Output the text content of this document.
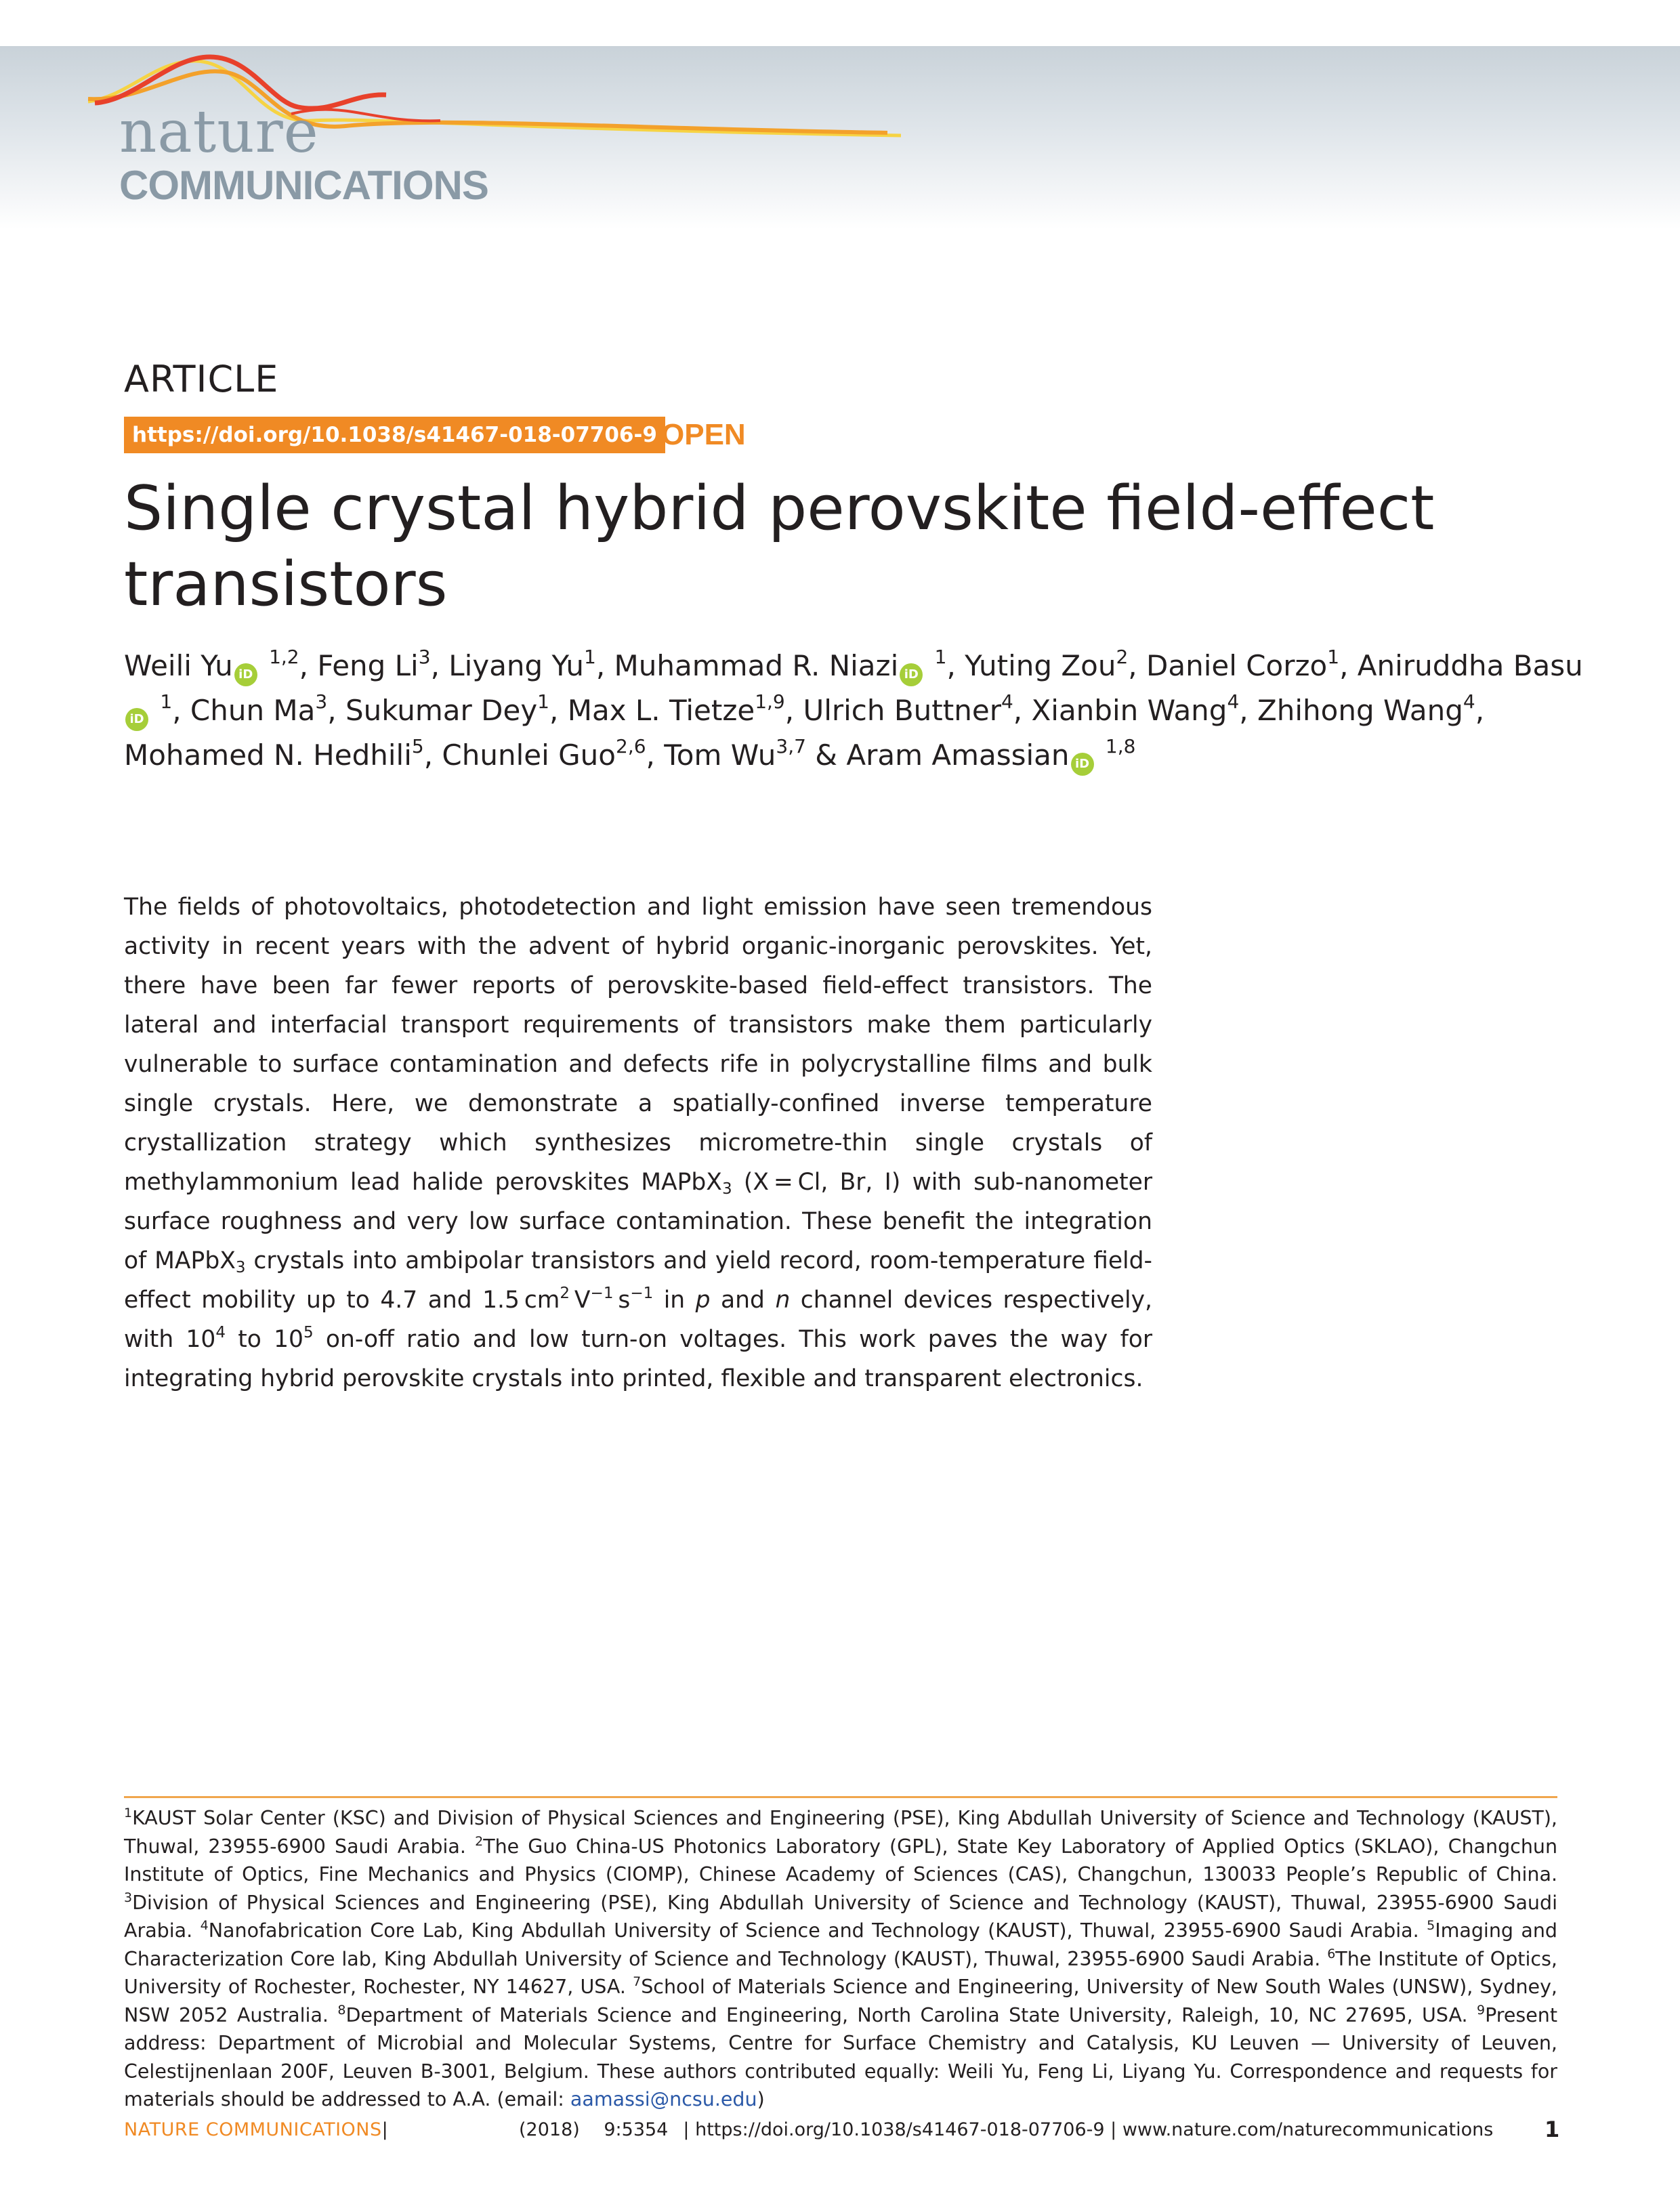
nature
COMMUNICATIONS
ARTICLE
https://doi.org/10.1038/s41467-018-07706-9 OPEN
Single crystal hybrid perovskite field-effect transistors
Weili Yu iD $^{1,2}$, Feng Li$^3$, Liyang Yu$^1$, Muhammad R. Niazi iD $^1$, Yuting Zou$^2$, Daniel Corzo$^1$, Aniruddha BasuiD $^1$, Chun Ma$^3$, Sukumar Dey$^1$, Max L. Tietze$^{1,9}$, Ulrich Buttner$^4$, Xianbin Wang$^4$, Zhihong Wang$^4$, Mohamed N. Hedhili$^5$, Chunlei Guo$^{2,6}$, Tom Wu$^{3,7}$ & Aram Amassian iD $^{1,8}$

The fields of photovoltaics, photodetection and light emission have seen tremendous activity in recent years with the advent of hybrid organic-inorganic perovskites. Yet, there have been far fewer reports of perovskite-based field-effect transistors. The lateral and interfacial transport requirements of transistors make them particularly vulnerable to surface contamination and defects rife in polycrystalline films and bulk single crystals. Here, we demonstrate a spatially-confined inverse temperature crystallization strategy which synthesizes micrometre-thin single crystals of methylammonium lead halide perovskites MAPbX$_3$ (X = Cl, Br, I) with sub-nanometer surface roughness and very low surface contamination. These benefit the integration of MAPbX$_3$ crystals into ambipolar transistors and yield record, room-temperature field-effect mobility up to 4.7 and 1.5 $cm^2$ $V^{-1}$ $s^{-1}$ in p and n channel devices respectively, with $10^4$ to $10^5$ on-off ratio and low turn-on voltages. This work paves the way for integrating hybrid perovskite crystals into printed, flexible and transparent electronics.

$^1$KAUST Solar Center (KSC) and Division of Physical Sciences and Engineering (PSE), King Abdullah University of Science and Technology (KAUST), Thuwal, 23955-6900 Saudi Arabia. $^2$The Guo China-US Photonics Laboratory (GPL), State Key Laboratory of Applied Optics (SKLAO), Changchun Institute of Optics, Fine Mechanics and Physics (CIOMP), Chinese Academy of Sciences (CAS), Changchun, 130033 People’s Republic of China. $^3$Division of Physical Sciences and Engineering (PSE), King Abdullah University of Science and Technology (KAUST), Thuwal, 23955-6900 Saudi Arabia. $^4$Nanofabrication Core Lab, King Abdullah University of Science and Technology (KAUST), Thuwal, 23955-6900 Saudi Arabia. $^5$Imaging and Characterization Core lab, King Abdullah University of Science and Technology (KAUST), Thuwal, 23955-6900 Saudi Arabia. $^6$The Institute of Optics, University of Rochester, Rochester, NY 14627, USA. $^7$School of Materials Science and Engineering, University of New South Wales (UNSW), Sydney, NSW 2052 Australia. $^8$Department of Materials Science and Engineering, North Carolina State University, Raleigh, 10, NC 27695, USA. $^9$Present address: Department of Microbial and Molecular Systems, Centre for Surface Chemistry and Catalysis, KU Leuven — University of Leuven, Celestijnenlaan 200F, Leuven B-3001, Belgium. These authors contributed equally: Weili Yu, Feng Li, Liyang Yu. Correspondence and requests for materials should be addressed to A.A. (email: aamassi@ncsu.edu)

NATURE COMMUNICATIONS|	(2018)  9:5354  | https://doi.org/10.1038/s41467-018-07706-9 | www.nature.com/naturecommunications 1
